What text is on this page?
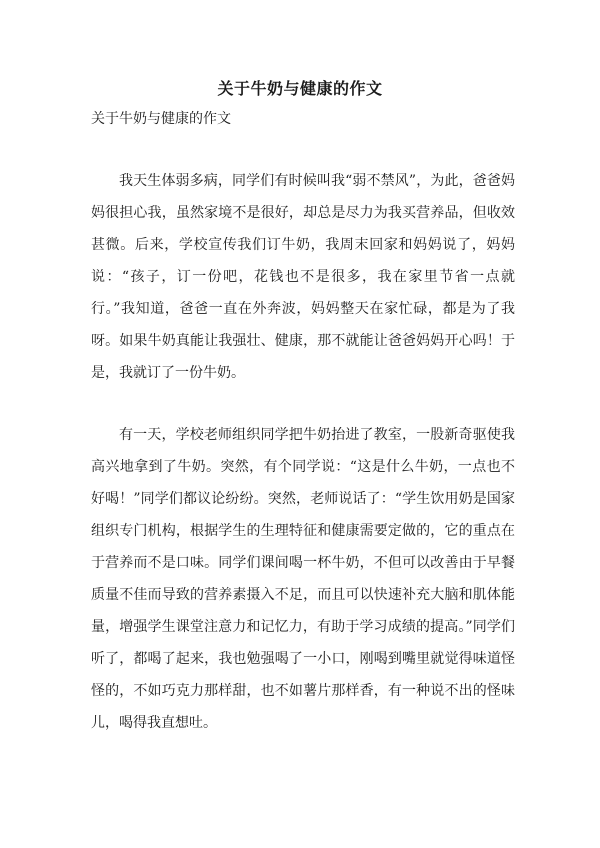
关于牛奶与健康的作文
关于牛奶与健康的作文

我天生体弱多病，同学们有时候叫我“弱不禁风”，为此，爸爸妈妈很担心我，虽然家境不是很好，却总是尽力为我买营养品，但收效甚微。后来，学校宣传我们订牛奶，我周末回家和妈妈说了，妈妈说：“孩子，订一份吧，花钱也不是很多，我在家里节省一点就行。”我知道，爸爸一直在外奔波，妈妈整天在家忙碌，都是为了我呀。如果牛奶真能让我强壮、健康，那不就能让爸爸妈妈开心吗！于是，我就订了一份牛奶。

有一天，学校老师组织同学把牛奶抬进了教室，一股新奇驱使我高兴地拿到了牛奶。突然，有个同学说：“这是什么牛奶，一点也不好喝！”同学们都议论纷纷。突然，老师说话了：“学生饮用奶是国家组织专门机构，根据学生的生理特征和健康需要定做的，它的重点在于营养而不是口味。同学们课间喝一杯牛奶，不但可以改善由于早餐质量不佳而导致的营养素摄入不足，而且可以快速补充大脑和肌体能量，增强学生课堂注意力和记忆力，有助于学习成绩的提高。”同学们听了，都喝了起来，我也勉强喝了一小口，刚喝到嘴里就觉得味道怪怪的，不如巧克力那样甜，也不如薯片那样香，有一种说不出的怪味儿，喝得我直想吐。
